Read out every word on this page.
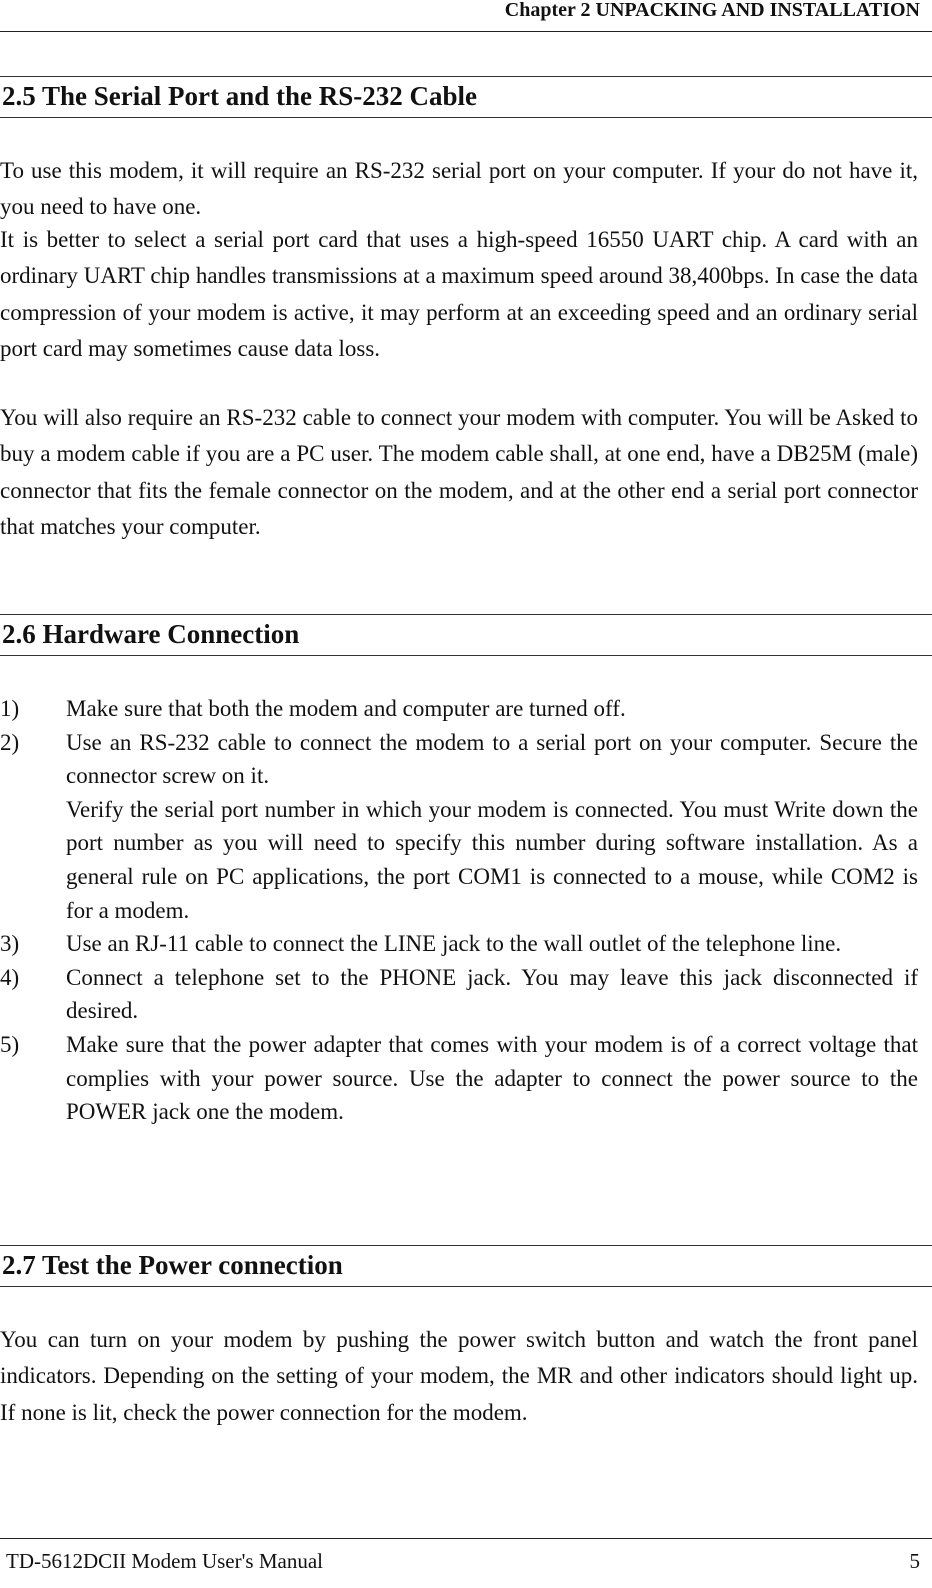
Chapter 2 UNPACKING AND INSTALLATION
2.5 The Serial Port and the RS-232 Cable

To use this modem, it will require an RS-232 serial port on your computer. If your do not have it, you need to have one.

It is better to select a serial port card that uses a high-speed 16550 UART chip. A card with an ordinary UART chip handles transmissions at a maximum speed around 38,400bps. In case the data compression of your modem is active, it may perform at an exceeding speed and an ordinary serial port card may sometimes cause data loss.

You will also require an RS-232 cable to connect your modem with computer. You will be Asked to buy a modem cable if you are a PC user. The modem cable shall, at one end, have a DB25M (male) connector that fits the female connector on the modem, and at the other end a serial port connector that matches your computer.

2.6 Hardware Connection
1) Make sure that both the modem and computer are turned off.
2) Use an RS-232 cable to connect the modem to a serial port on your computer. Secure the connector screw on it.
Verify the serial port number in which your modem is connected. You must Write down the port number as you will need to specify this number during software installation. As a general rule on PC applications, the port COM1 is connected to a mouse, while COM2 is for a modem.
3) Use an RJ-11 cable to connect the LINE jack to the wall outlet of the telephone line.
4) Connect a telephone set to the PHONE jack. You may leave this jack disconnected if desired.
5) Make sure that the power adapter that comes with your modem is of a correct voltage that complies with your power source. Use the adapter to connect the power source to the POWER jack one the modem.
2.7 Test the Power connection

You can turn on your modem by pushing the power switch button and watch the front panel indicators. Depending on the setting of your modem, the MR and other indicators should light up. If none is lit, check the power connection for the modem.

TD-5612DCII Modem User's Manual	5
